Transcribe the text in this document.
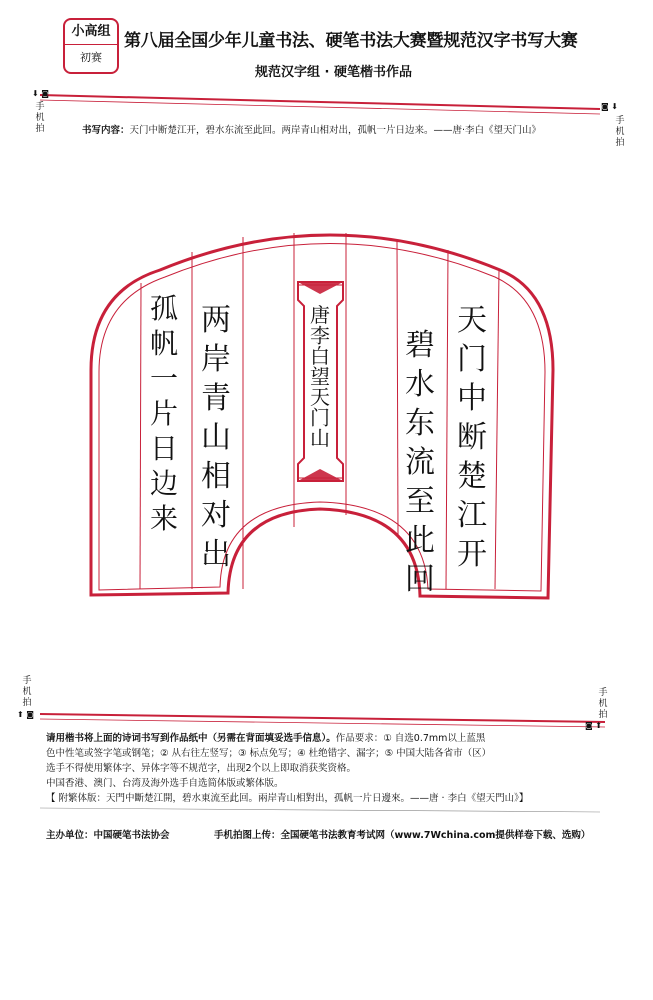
小高组
初赛
第八届全国少年儿童书法、硬笔书法大赛暨规范汉字书写大赛
规范汉字组 · 硬笔楷书作品
⬇ ◙
手机拍
◙ ⬇
手机拍
手机拍
⬆ ◙
手机拍
◙ ⬆
书写内容：天门中断楚江开，碧水东流至此回。两岸青山相对出，孤帆一片日边来。——唐·李白《望天门山》
天
门
中
断
楚
江
开
碧
水
东
流
至
此
回
两
岸
青
山
相
对
出
孤
帆
一
片
日
边
来
唐
李
白
望
天
门
山
请用楷书将上面的诗词书写到作品纸中（另需在背面填妥选手信息）。作品要求：① 自选0.7mm以上蓝黑
色中性笔或签字笔或钢笔；② 从右往左竖写；③ 标点免写；④ 杜绝错字、漏字；⑤ 中国大陆各省市（区）
选手不得使用繁体字、异体字等不规范字，出现2个以上即取消获奖资格。
中国香港、澳门、台湾及海外选手自选简体版或繁体版。
【 附繁体版：天門中斷楚江開，碧水東流至此回。兩岸青山相對出，孤帆一片日邊來。——唐 · 李白《望天門山》】
主办单位：中国硬笔书法协会	手机拍图上传：全国硬笔书法教育考试网（www.7Wchina.com提供样卷下载、选购）
